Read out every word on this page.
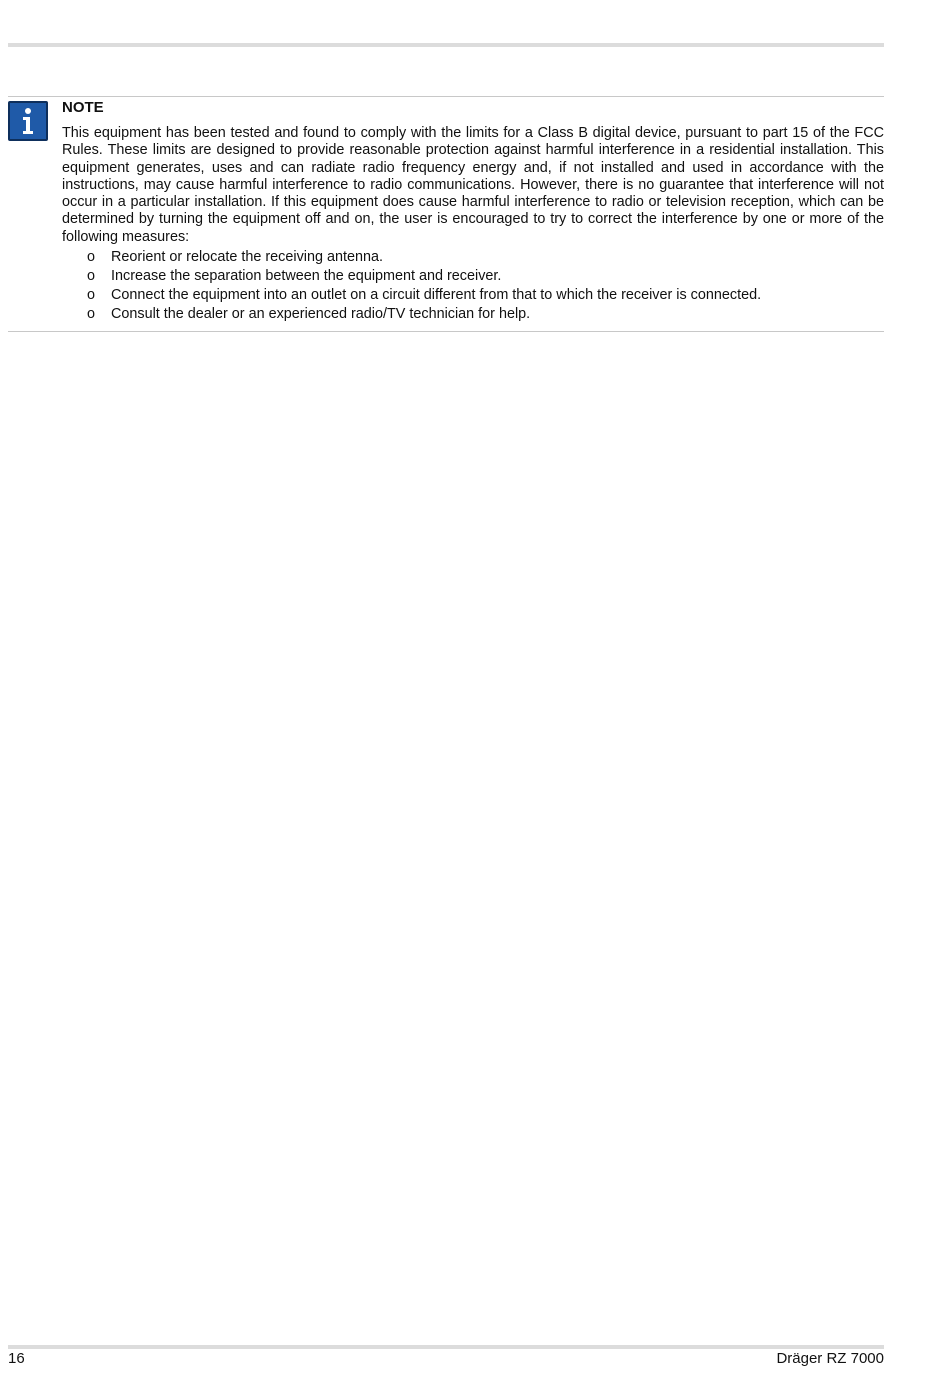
NOTE

This equipment has been tested and found to comply with the limits for a Class B digital device, pursuant to part 15 of the FCC Rules. These limits are designed to provide reasonable protection against harmful interference in a residential installation. This equipment generates, uses and can radiate radio frequency energy and, if not installed and used in accordance with the instructions, may cause harmful interference to radio communications. However, there is no guarantee that interference will not occur in a particular installation. If this equipment does cause harmful interference to radio or television reception, which can be determined by turning the equipment off and on, the user is encouraged to try to correct the interference by one or more of the following measures:

o	Reorient or relocate the receiving antenna.
o	Increase the separation between the equipment and receiver.
o	Connect the equipment into an outlet on a circuit different from that to which the receiver is connected.
o	Consult the dealer or an experienced radio/TV technician for help.
16	Dräger RZ 7000
